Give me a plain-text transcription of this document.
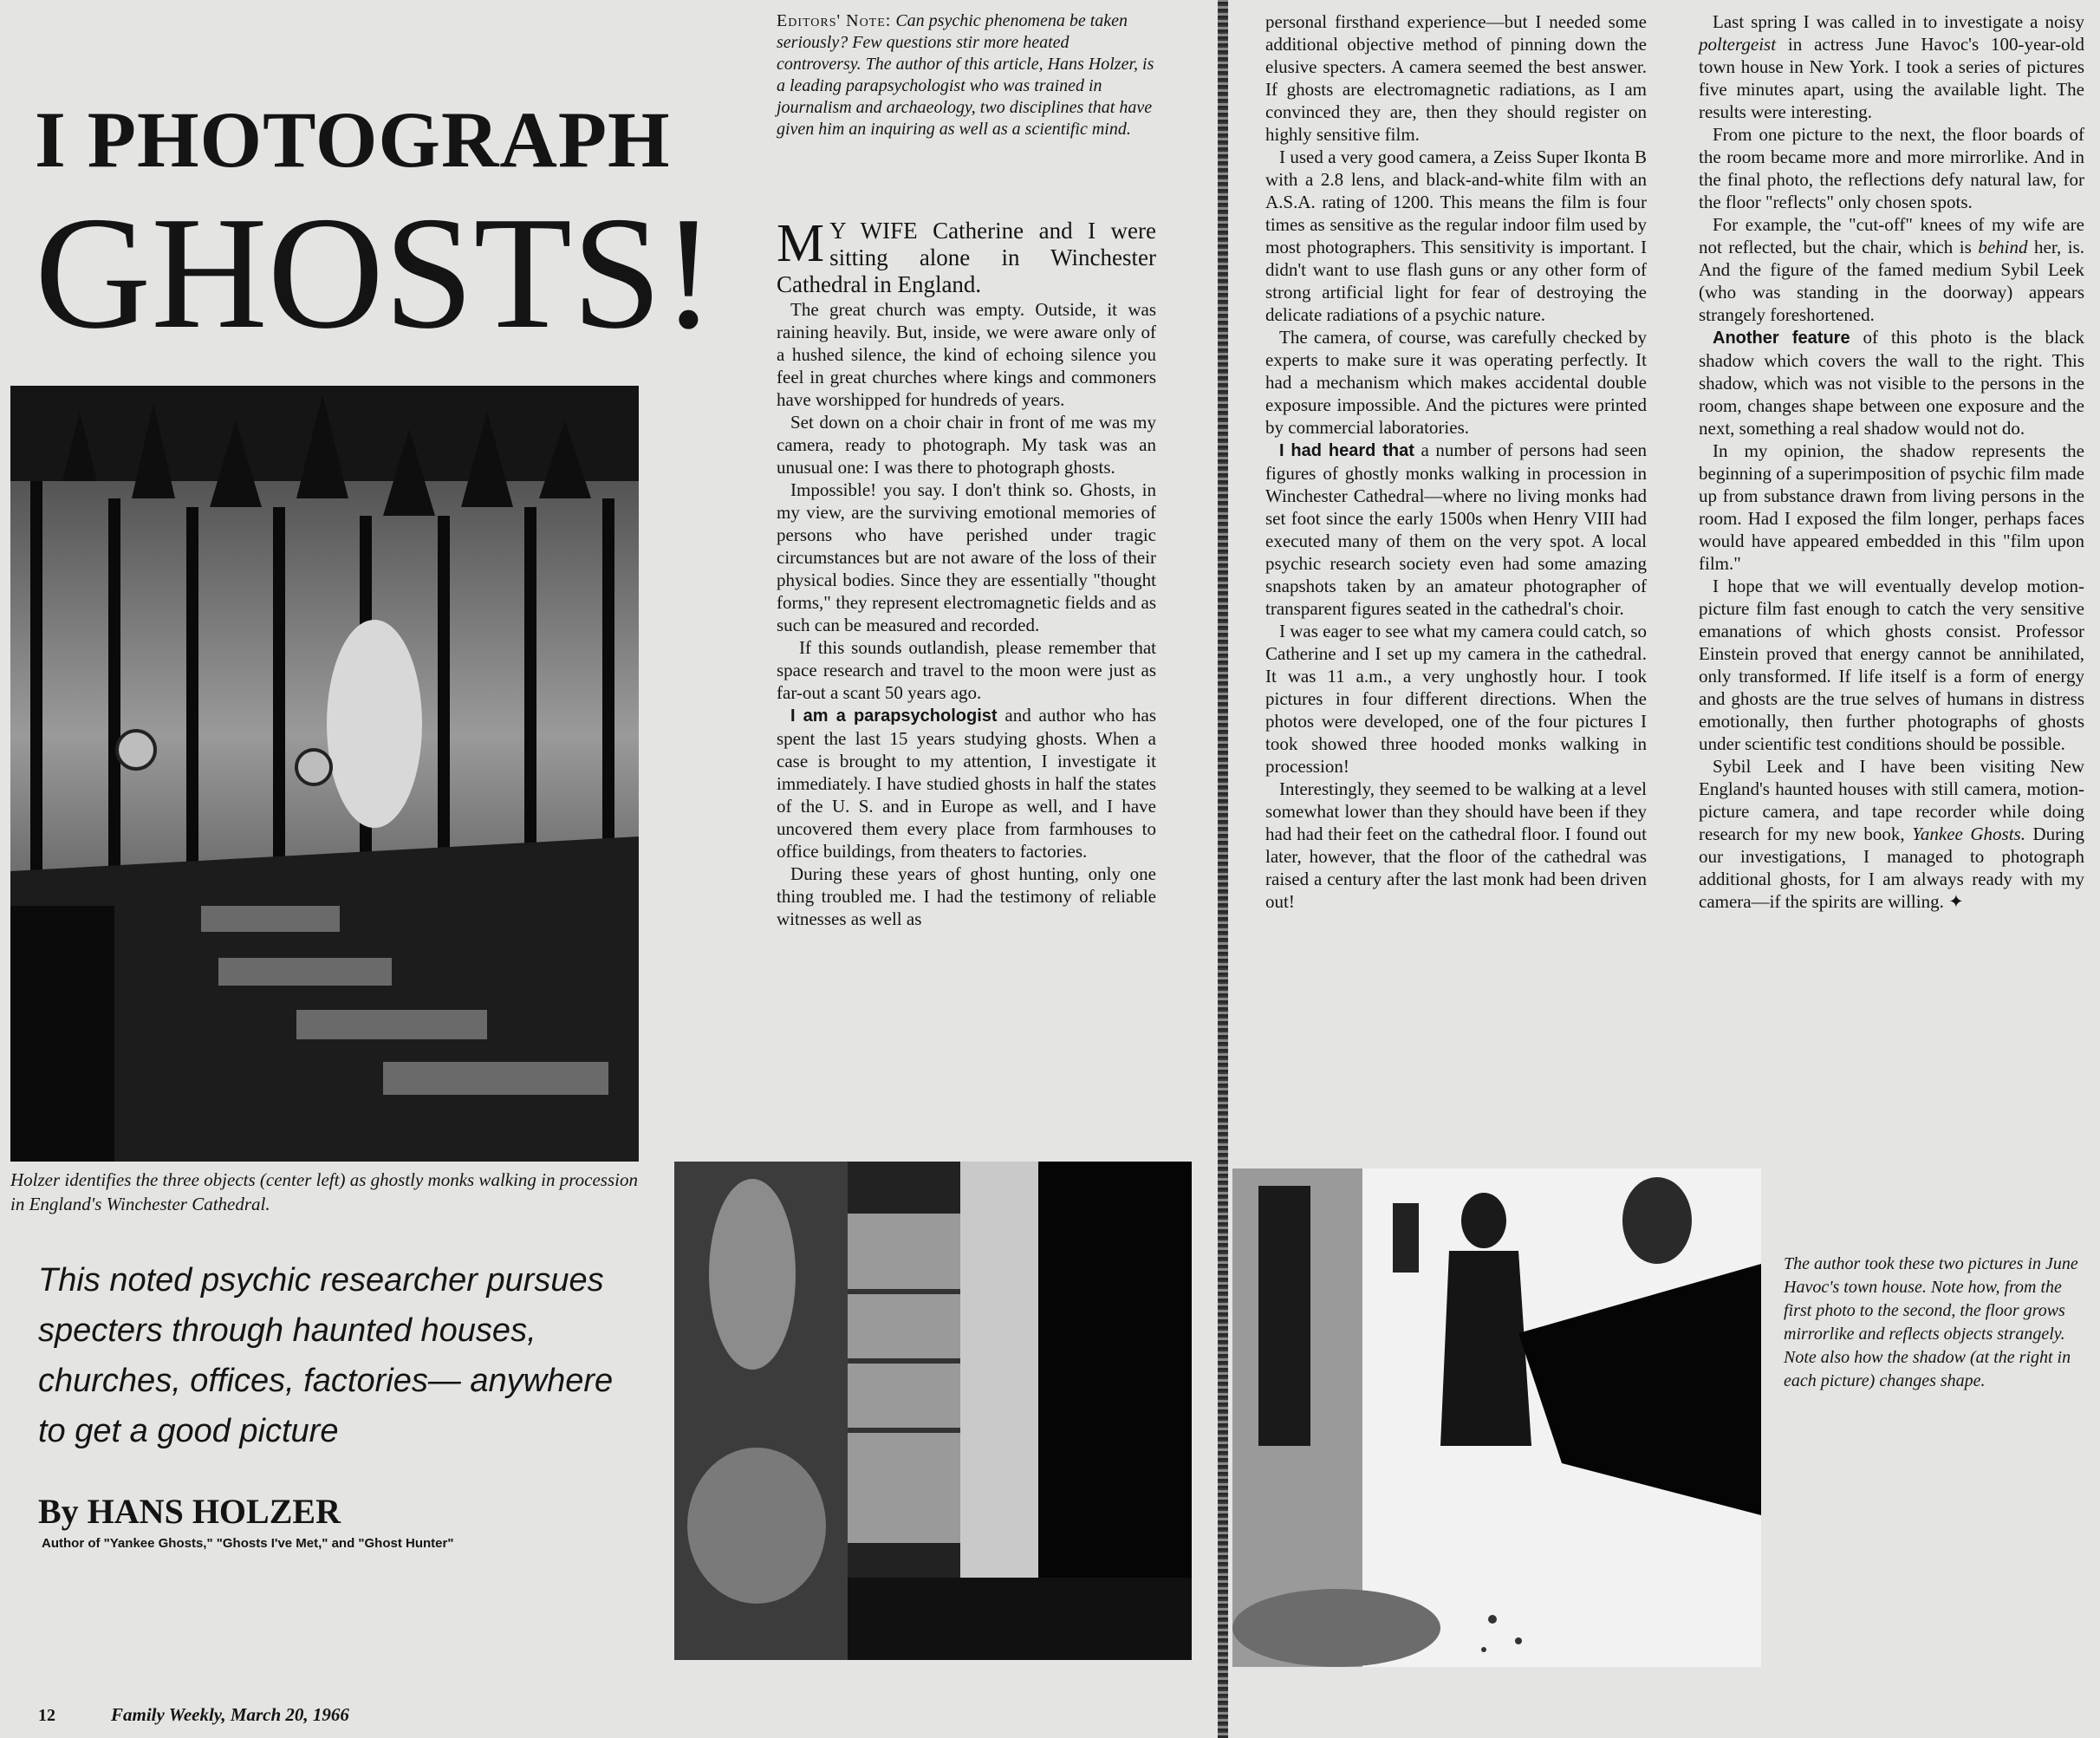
I PHOTOGRAPH
GHOSTS!
Holzer identifies the three objects (center left) as ghostly monks walking in procession in England's Winchester Cathedral.
This noted psychic researcher pursues specters through haunted houses, churches, offices, factories— anywhere to get a good picture
By HANS HOLZER
Author of "Yankee Ghosts," "Ghosts I've Met," and "Ghost Hunter"
Editors' Note: Can psychic phenomena be taken seriously? Few questions stir more heated controversy. The author of this article, Hans Holzer, is a leading parapsychologist who was trained in journalism and archaeology, two disciplines that have given him an inquiring as well as a scientific mind.

M Y WIFE Catherine and I were sitting alone in Winchester Cathedral in England.

The great church was empty. Outside, it was raining heavily. But, inside, we were aware only of a hushed silence, the kind of echoing silence you feel in great churches where kings and commoners have worshipped for hundreds of years.

Set down on a choir chair in front of me was my camera, ready to photograph. My task was an unusual one: I was there to photograph ghosts.

Impossible! you say. I don't think so. Ghosts, in my view, are the surviving emotional memories of persons who have perished under tragic circumstances but are not aware of the loss of their physical bodies. Since they are essentially "thought forms," they represent electromagnetic fields and as such can be measured and recorded.

If this sounds outlandish, please remember that space research and travel to the moon were just as far-out a scant 50 years ago.

I am a parapsychologist and author who has spent the last 15 years studying ghosts. When a case is brought to my attention, I investigate it immediately. I have studied ghosts in half the states of the U. S. and in Europe as well, and I have uncovered them every place from farmhouses to office buildings, from theaters to factories.

During these years of ghost hunting, only one thing troubled me. I had the testimony of reliable witnesses as well as

personal firsthand experience—but I needed some additional objective method of pinning down the elusive specters. A camera seemed the best answer. If ghosts are electromagnetic radiations, as I am convinced they are, then they should register on highly sensitive film.

I used a very good camera, a Zeiss Super Ikonta B with a 2.8 lens, and black-and-white film with an A.S.A. rating of 1200. This means the film is four times as sensitive as the regular indoor film used by most photographers. This sensitivity is important. I didn't want to use flash guns or any other form of strong artificial light for fear of destroying the delicate radiations of a psychic nature.

The camera, of course, was carefully checked by experts to make sure it was operating perfectly. It had a mechanism which makes accidental double exposure impossible. And the pictures were printed by commercial laboratories.

I had heard that a number of persons had seen figures of ghostly monks walking in procession in Winchester Cathedral—where no living monks had set foot since the early 1500s when Henry VIII had executed many of them on the very spot. A local psychic research society even had some amazing snapshots taken by an amateur photographer of transparent figures seated in the cathedral's choir.

I was eager to see what my camera could catch, so Catherine and I set up my camera in the cathedral. It was 11 a.m., a very unghostly hour. I took pictures in four different directions. When the photos were developed, one of the four pictures I took showed three hooded monks walking in procession!

Interestingly, they seemed to be walking at a level somewhat lower than they should have been if they had had their feet on the cathedral floor. I found out later, however, that the floor of the cathedral was raised a century after the last monk had been driven out!

Last spring I was called in to investigate a noisy poltergeist in actress June Havoc's 100-year-old town house in New York. I took a series of pictures five minutes apart, using the available light. The results were interesting.

From one picture to the next, the floor boards of the room became more and more mirrorlike. And in the final photo, the reflections defy natural law, for the floor "reflects" only chosen spots.

For example, the "cut-off" knees of my wife are not reflected, but the chair, which is behind her, is. And the figure of the famed medium Sybil Leek (who was standing in the doorway) appears strangely foreshortened.

Another feature of this photo is the black shadow which covers the wall to the right. This shadow, which was not visible to the persons in the room, changes shape between one exposure and the next, something a real shadow would not do.

In my opinion, the shadow represents the beginning of a superimposition of psychic film made up from substance drawn from living persons in the room. Had I exposed the film longer, perhaps faces would have appeared embedded in this "film upon film."

I hope that we will eventually develop motion-picture film fast enough to catch the very sensitive emanations of which ghosts consist. Professor Einstein proved that energy cannot be annihilated, only transformed. If life itself is a form of energy and ghosts are the true selves of humans in distress emotionally, then further photographs of ghosts under scientific test conditions should be possible.

Sybil Leek and I have been visiting New England's haunted houses with still camera, motion-picture camera, and tape recorder while doing research for my new book, Yankee Ghosts. During our investigations, I managed to photograph additional ghosts, for I am always ready with my camera—if the spirits are willing. ✦

The author took these two pictures in June Havoc's town house. Note how, from the first photo to the second, the floor grows mirrorlike and reflects objects strangely. Note also how the shadow (at the right in each picture) changes shape.
12	Family Weekly, March 20, 1966
